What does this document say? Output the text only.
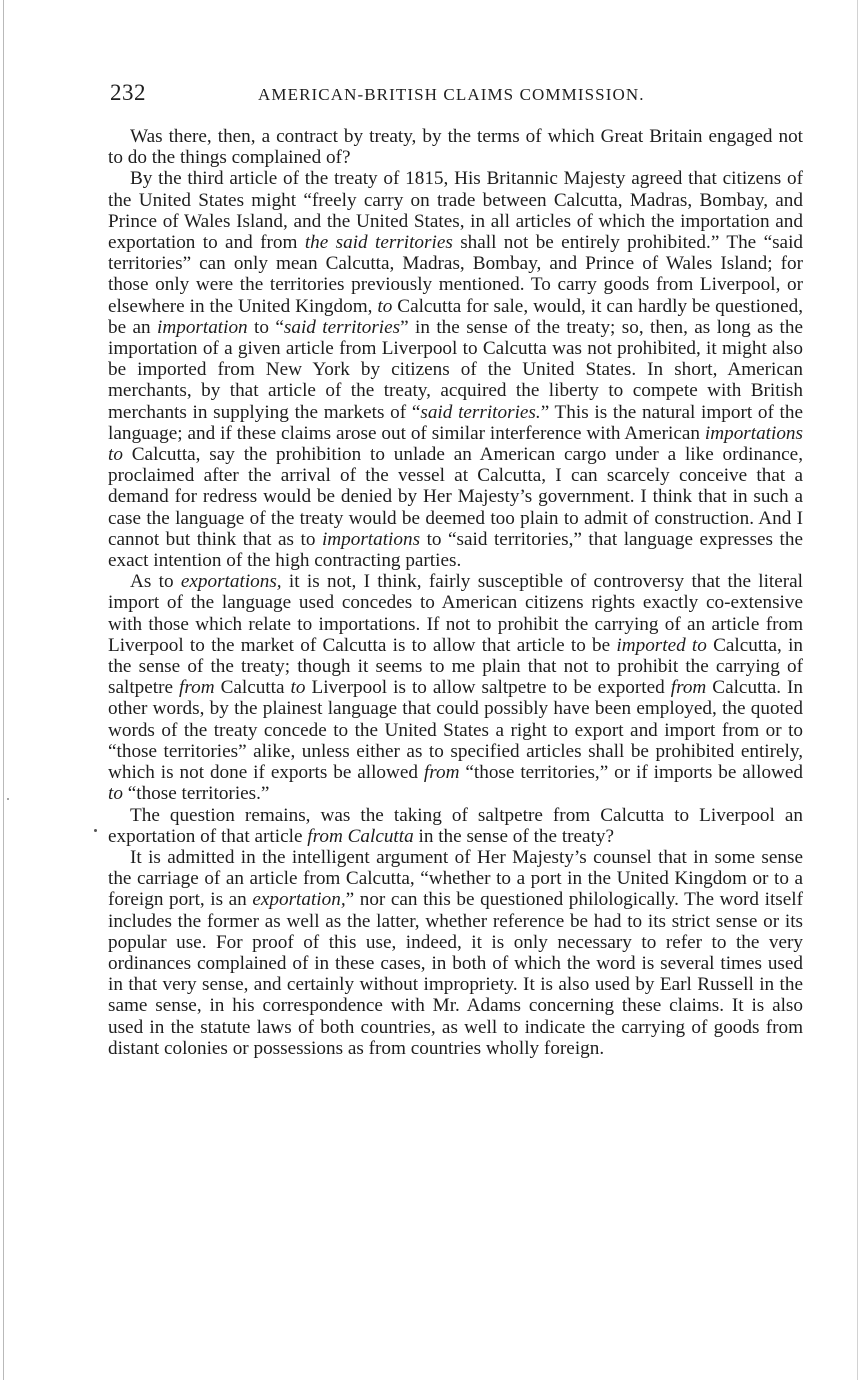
232	AMERICAN-BRITISH CLAIMS COMMISSION.

Was there, then, a contract by treaty, by the terms of which Great Britain engaged not to do the things complained of?

By the third article of the treaty of 1815, His Britannic Majesty agreed that citizens of the United States might “freely carry on trade between Calcutta, Madras, Bombay, and Prince of Wales Island, and the United States, in all articles of which the importation and exportation to and from the said territories shall not be entirely prohibited.” The “said territories” can only mean Calcutta, Madras, Bombay, and Prince of Wales Island; for those only were the territories previously mentioned. To carry goods from Liverpool, or elsewhere in the United Kingdom, to Calcutta for sale, would, it can hardly be questioned, be an importation to “said territories” in the sense of the treaty; so, then, as long as the importation of a given article from Liverpool to Calcutta was not prohibited, it might also be imported from New York by citizens of the United States. In short, American merchants, by that article of the treaty, acquired the liberty to compete with British merchants in supplying the markets of “said territories.” This is the natural import of the language; and if these claims arose out of similar interference with American importations to Calcutta, say the prohibition to unlade an American cargo under a like ordinance, proclaimed after the arrival of the vessel at Calcutta, I can scarcely conceive that a demand for redress would be denied by Her Majesty’s government. I think that in such a case the language of the treaty would be deemed too plain to admit of construction. And I cannot but think that as to importations to “said territories,” that language expresses the exact intention of the high contracting parties.

As to exportations, it is not, I think, fairly susceptible of controversy that the literal import of the language used concedes to American citizens rights exactly co-extensive with those which relate to importations. If not to prohibit the carrying of an article from Liverpool to the market of Calcutta is to allow that article to be imported to Calcutta, in the sense of the treaty; though it seems to me plain that not to prohibit the carrying of saltpetre from Calcutta to Liverpool is to allow saltpetre to be exported from Calcutta. In other words, by the plainest language that could possibly have been employed, the quoted words of the treaty concede to the United States a right to export and import from or to “those territories” alike, unless either as to specified articles shall be prohibited entirely, which is not done if exports be allowed from “those territories,” or if imports be allowed to “those territories.”

The question remains, was the taking of saltpetre from Calcutta to Liverpool an exportation of that article from Calcutta in the sense of the treaty?

It is admitted in the intelligent argument of Her Majesty’s counsel that in some sense the carriage of an article from Calcutta, “whether to a port in the United Kingdom or to a foreign port, is an exportation,” nor can this be questioned philologically. The word itself includes the former as well as the latter, whether reference be had to its strict sense or its popular use. For proof of this use, indeed, it is only necessary to refer to the very ordinances complained of in these cases, in both of which the word is several times used in that very sense, and certainly without impropriety. It is also used by Earl Russell in the same sense, in his correspondence with Mr. Adams concerning these claims. It is also used in the statute laws of both countries, as well to indicate the carrying of goods from distant colonies or possessions as from countries wholly foreign.
